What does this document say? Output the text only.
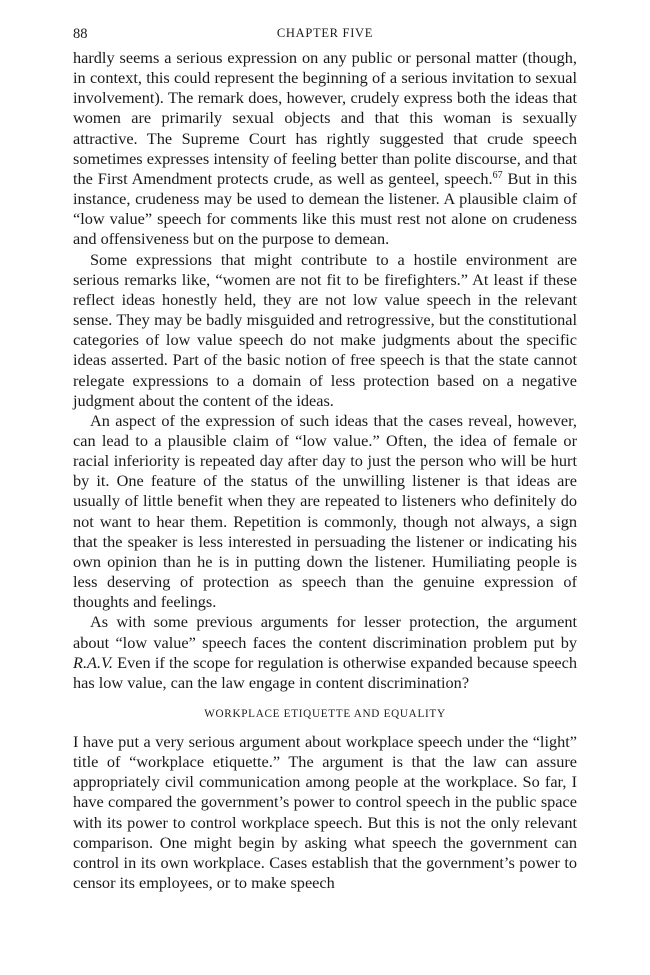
88	CHAPTER FIVE

hardly seems a serious expression on any public or personal matter (though, in context, this could represent the beginning of a serious invitation to sexual involvement). The remark does, however, crudely express both the ideas that women are primarily sexual objects and that this woman is sexually attractive. The Supreme Court has rightly suggested that crude speech sometimes expresses intensity of feeling better than polite discourse, and that the First Amendment protects crude, as well as genteel, speech.$^{67}$ But in this instance, crudeness may be used to demean the listener. A plausible claim of “low value” speech for comments like this must rest not alone on crudeness and offensiveness but on the purpose to demean.

Some expressions that might contribute to a hostile environment are serious remarks like, “women are not fit to be firefighters.” At least if these reflect ideas honestly held, they are not low value speech in the relevant sense. They may be badly misguided and retrogressive, but the constitutional categories of low value speech do not make judgments about the specific ideas asserted. Part of the basic notion of free speech is that the state cannot relegate expressions to a domain of less protection based on a negative judgment about the content of the ideas.

An aspect of the expression of such ideas that the cases reveal, however, can lead to a plausible claim of “low value.” Often, the idea of female or racial inferiority is repeated day after day to just the person who will be hurt by it. One feature of the status of the unwilling listener is that ideas are usually of little benefit when they are repeated to listeners who definitely do not want to hear them. Repetition is commonly, though not always, a sign that the speaker is less interested in persuading the listener or indicating his own opinion than he is in putting down the listener. Humiliating people is less deserving of protection as speech than the genuine expression of thoughts and feelings.

As with some previous arguments for lesser protection, the argument about “low value” speech faces the content discrimination problem put by R.A.V. Even if the scope for regulation is otherwise expanded because speech has low value, can the law engage in content discrimination?

WORKPLACE ETIQUETTE AND EQUALITY

I have put a very serious argument about workplace speech under the “light” title of “workplace etiquette.” The argument is that the law can assure appropriately civil communication among people at the workplace. So far, I have compared the government’s power to control speech in the public space with its power to control workplace speech. But this is not the only relevant comparison. One might begin by asking what speech the government can control in its own workplace. Cases establish that the government’s power to censor its employees, or to make speech
